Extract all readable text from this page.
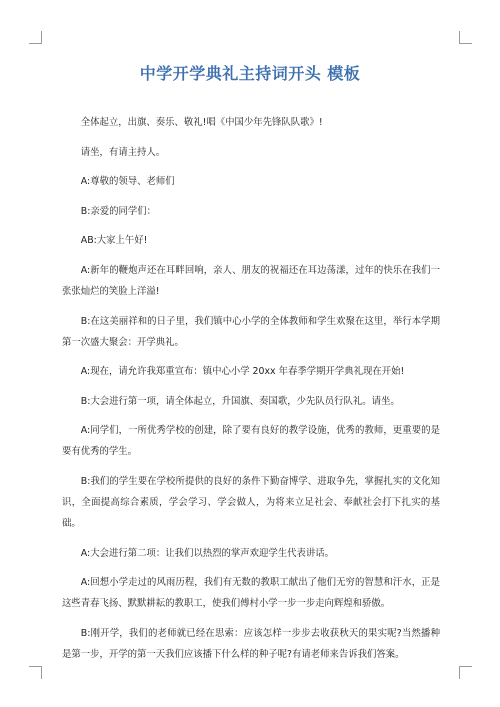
中学开学典礼主持词开头 模板

全体起立，出旗、奏乐、敬礼!唱《中国少年先锋队队歌》!

请坐，有请主持人。

A:尊敬的领导、老师们

B:亲爱的同学们：

AB:大家上午好!

A:新年的鞭炮声还在耳畔回响，亲人、朋友的祝福还在耳边荡漾，过年的快乐在我们一张张灿烂的笑脸上洋溢!

B:在这美丽祥和的日子里，我们镇中心小学的全体教师和学生欢聚在这里，举行本学期第一次盛大聚会：开学典礼。

A:现在，请允许我郑重宣布：镇中心小学 20xx 年春季学期开学典礼现在开始!

B:大会进行第一项，请全体起立，升国旗、奏国歌，少先队员行队礼。请坐。

A:同学们，一所优秀学校的创建，除了要有良好的教学设施，优秀的教师，更重要的是要有优秀的学生。

B:我们的学生要在学校所提供的良好的条件下勤奋博学、进取争先，掌握扎实的文化知识，全面提高综合素质，学会学习、学会做人，为将来立足社会、奉献社会打下扎实的基础。

A:大会进行第二项：让我们以热烈的掌声欢迎学生代表讲话。

A:回想小学走过的风雨历程，我们有无数的教职工献出了他们无穷的智慧和汗水，正是这些青春飞扬、默默耕耘的教职工，使我们傅村小学一步一步走向辉煌和骄傲。

B:刚开学，我们的老师就已经在思索：应该怎样一步步去收获秋天的果实呢?当然播种是第一步，开学的第一天我们应该播下什么样的种子呢?有请老师来告诉我们答案。
